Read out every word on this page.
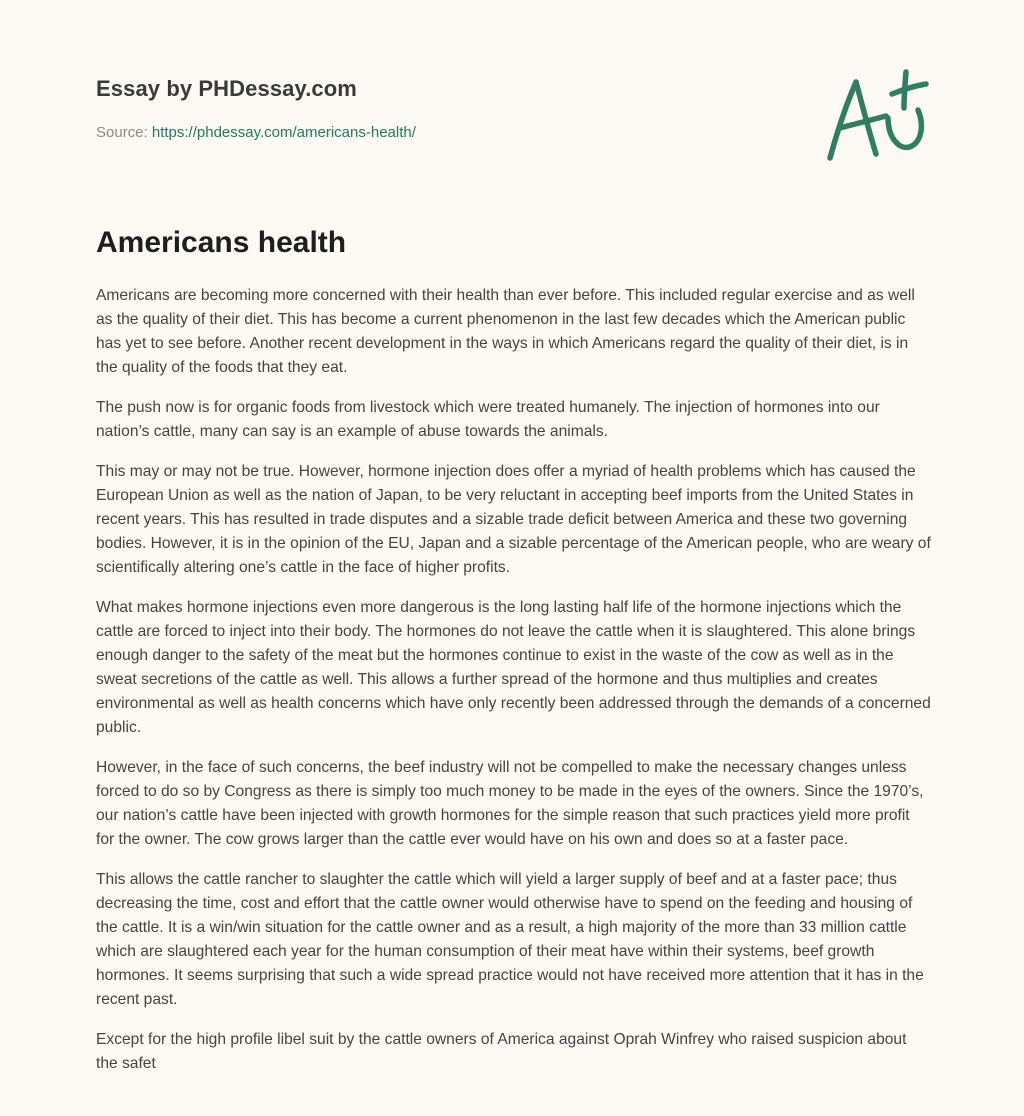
Essay by PHDessay.com
Source: https://phdessay.com/americans-health/
Americans health

Americans are becoming more concerned with their health than ever before. This included regular exercise and as well as the quality of their diet. This has become a current phenomenon in the last few decades which the American public has yet to see before. Another recent development in the ways in which Americans regard the quality of their diet, is in the quality of the foods that they eat.

The push now is for organic foods from livestock which were treated humanely. The injection of hormones into our nation’s cattle, many can say is an example of abuse towards the animals.

This may or may not be true. However, hormone injection does offer a myriad of health problems which has caused the European Union as well as the nation of Japan, to be very reluctant in accepting beef imports from the United States in recent years. This has resulted in trade disputes and a sizable trade deficit between America and these two governing bodies. However, it is in the opinion of the EU, Japan and a sizable percentage of the American people, who are weary of scientifically altering one’s cattle in the face of higher profits.

What makes hormone injections even more dangerous is the long lasting half life of the hormone injections which the cattle are forced to inject into their body. The hormones do not leave the cattle when it is slaughtered. This alone brings enough danger to the safety of the meat but the hormones continue to exist in the waste of the cow as well as in the sweat secretions of the cattle as well. This allows a further spread of the hormone and thus multiplies and creates environmental as well as health concerns which have only recently been addressed through the demands of a concerned public.

However, in the face of such concerns, the beef industry will not be compelled to make the necessary changes unless forced to do so by Congress as there is simply too much money to be made in the eyes of the owners. Since the 1970’s, our nation’s cattle have been injected with growth hormones for the simple reason that such practices yield more profit for the owner. The cow grows larger than the cattle ever would have on his own and does so at a faster pace.

This allows the cattle rancher to slaughter the cattle which will yield a larger supply of beef and at a faster pace; thus decreasing the time, cost and effort that the cattle owner would otherwise have to spend on the feeding and housing of the cattle. It is a win/win situation for the cattle owner and as a result, a high majority of the more than 33 million cattle which are slaughtered each year for the human consumption of their meat have within their systems, beef growth hormones. It seems surprising that such a wide spread practice would not have received more attention that it has in the recent past.

Except for the high profile libel suit by the cattle owners of America against Oprah Winfrey who raised suspicion about the safet
